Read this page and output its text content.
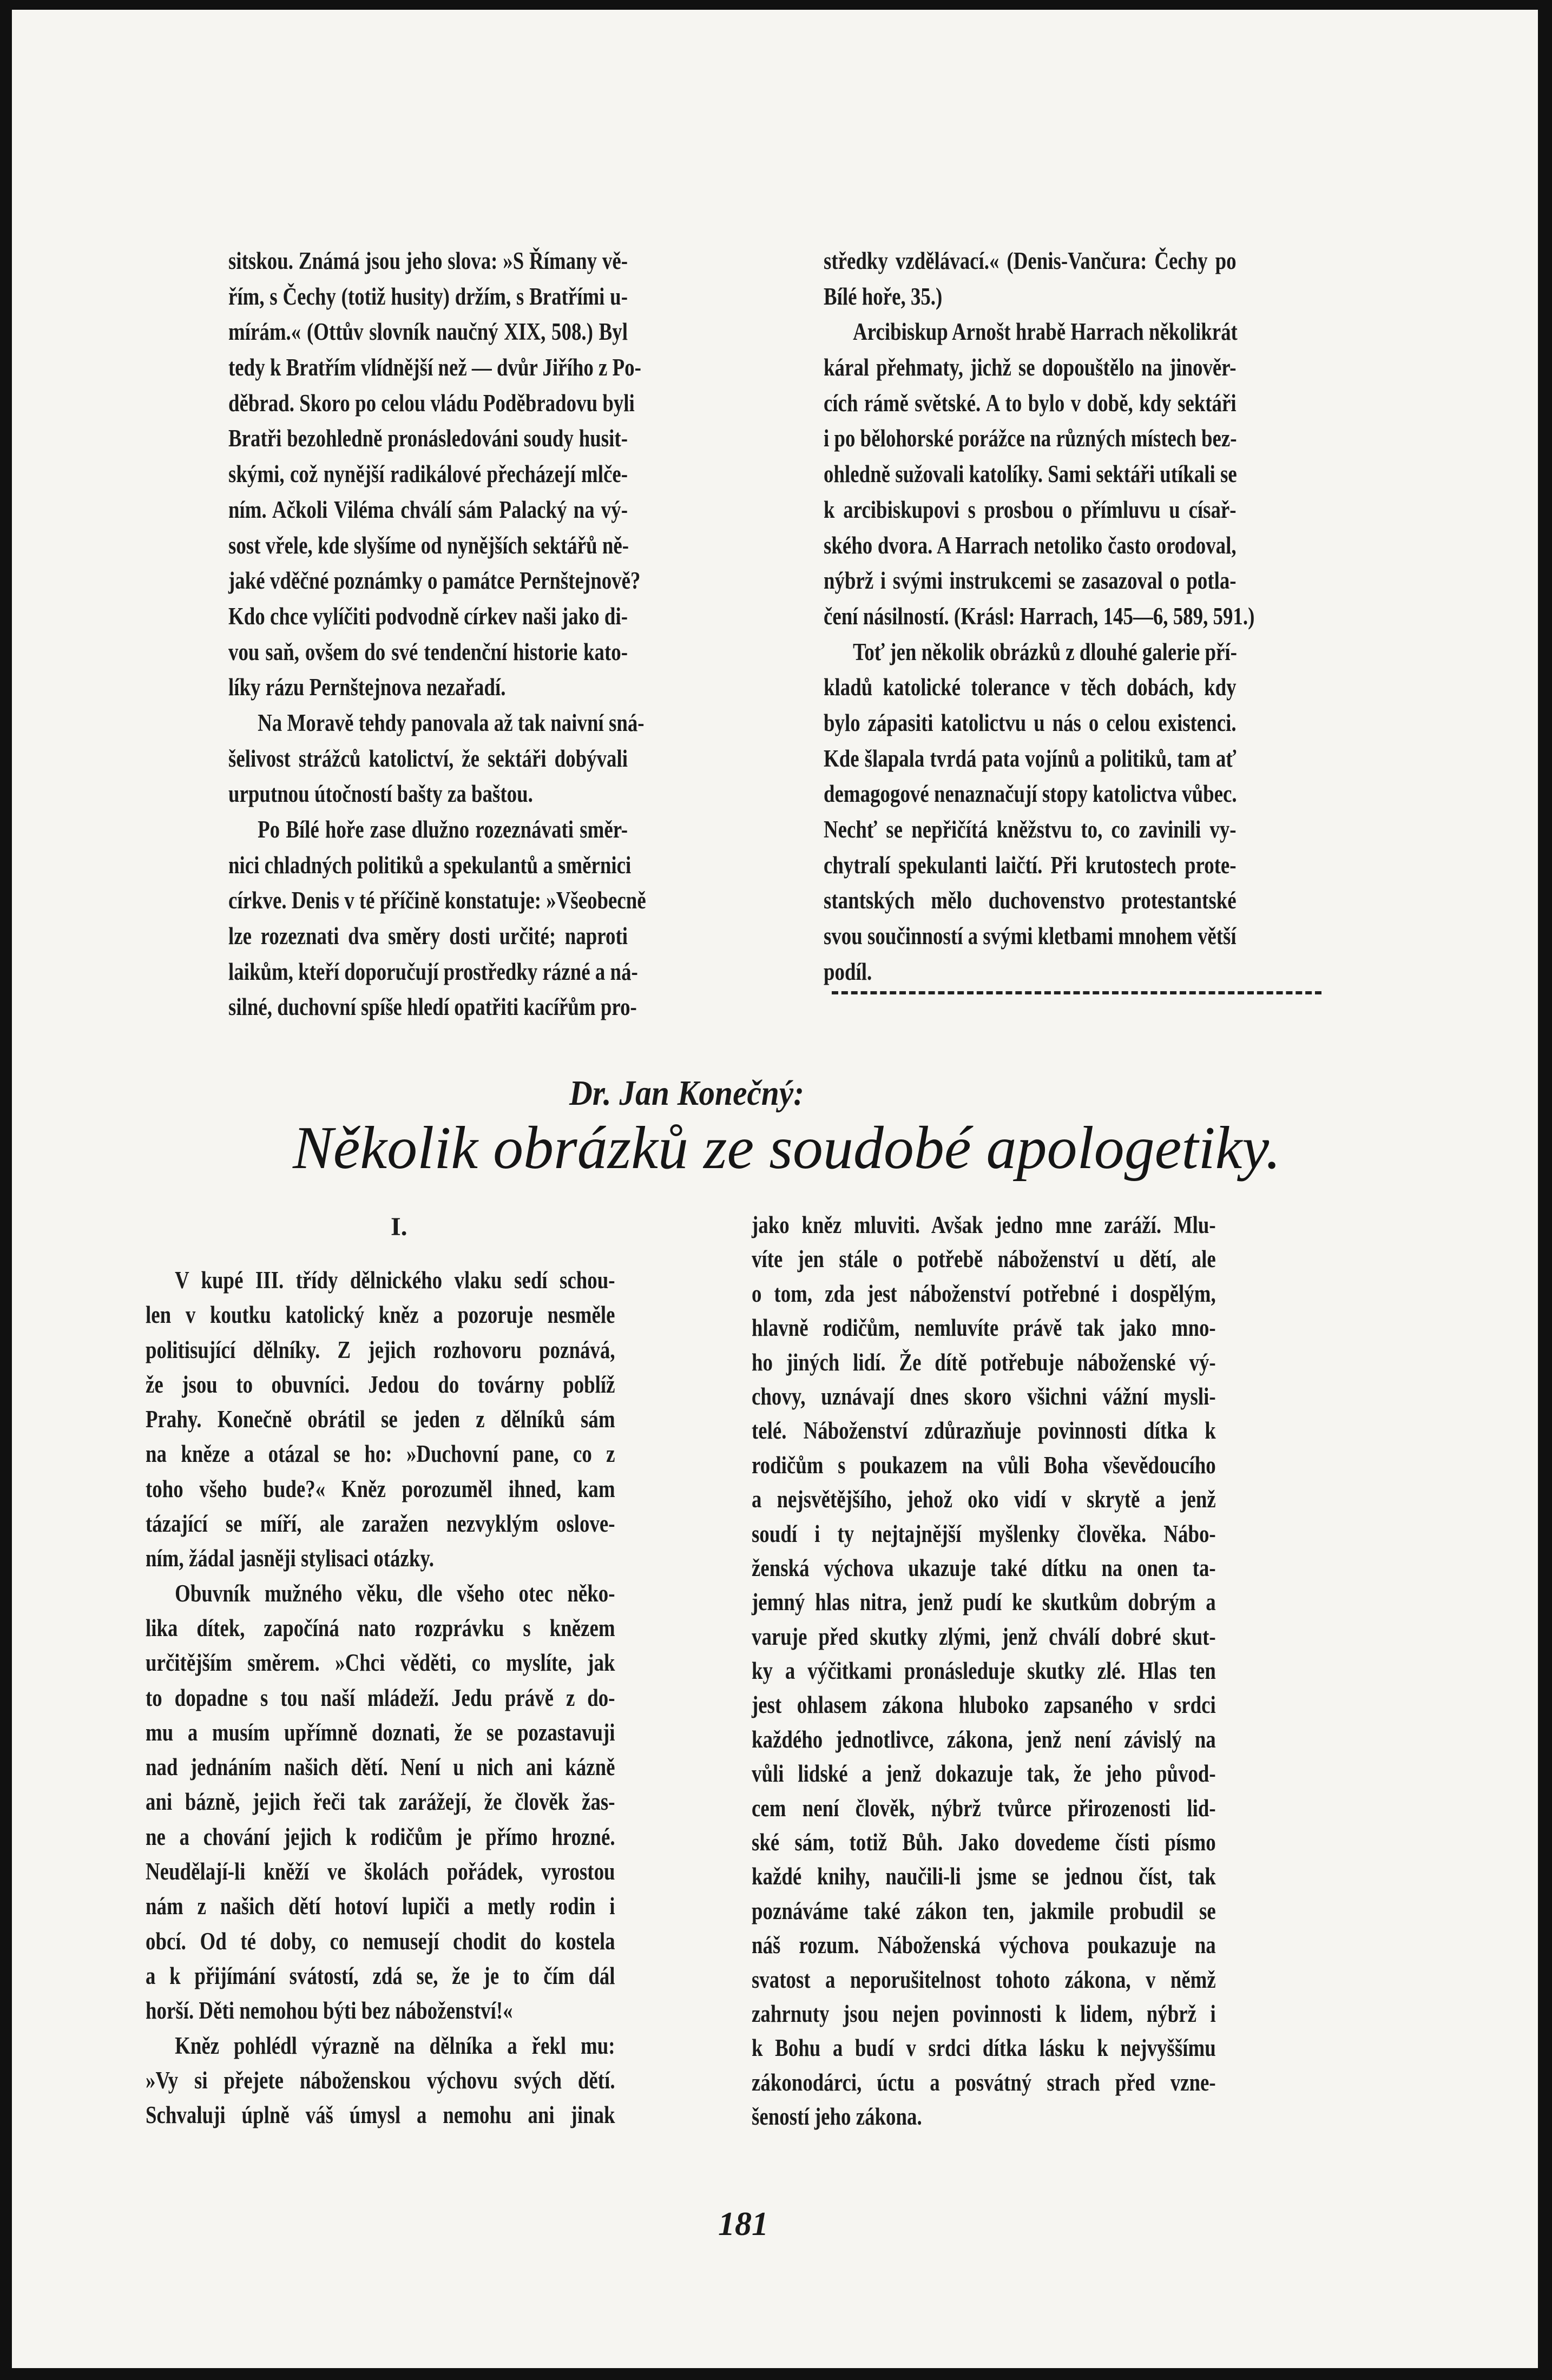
sitskou. Známá jsou jeho slova: »S Římany vě-
řím, s Čechy (totiž husity) držím, s Bratřími u-
mírám.« (Ottův slovník naučný XIX, 508.) Byl
tedy k Bratřím vlídnější než — dvůr Jiřího z Po-
děbrad. Skoro po celou vládu Poděbradovu byli
Bratři bezohledně pronásledováni soudy husit-
skými, což nynější radikálové přecházejí mlče-
ním. Ačkoli Viléma chválí sám Palacký na vý-
sost vřele, kde slyšíme od nynějších sektářů ně-
jaké vděčné poznámky o památce Pernštejnově?
Kdo chce vylíčiti podvodně církev naši jako di-
vou saň, ovšem do své tendenční historie kato-
líky rázu Pernštejnova nezařadí.
Na Moravě tehdy panovala až tak naivní sná-
šelivost strážců katolictví, že sektáři dobývali
urputnou útočností bašty za baštou.
Po Bílé hoře zase dlužno rozeznávati směr-
nici chladných politiků a spekulantů a směrnici
církve. Denis v té příčině konstatuje: »Všeobecně
lze rozeznati dva směry dosti určité; naproti
laikům, kteří doporučují prostředky rázné a ná-
silné, duchovní spíše hledí opatřiti kacířům pro-
středky vzdělávací.« (Denis-Vančura: Čechy po
Bílé hoře, 35.)
Arcibiskup Arnošt hrabě Harrach několikrát
káral přehmaty, jichž se dopouštělo na jinověr-
cích rámě světské. A to bylo v době, kdy sektáři
i po bělohorské porážce na různých místech bez-
ohledně sužovali katolíky. Sami sektáři utíkali se
k arcibiskupovi s prosbou o přímluvu u císař-
ského dvora. A Harrach netoliko často orodoval,
nýbrž i svými instrukcemi se zasazoval o potla-
čení násilností. (Krásl: Harrach, 145—6, 589, 591.)
Toť jen několik obrázků z dlouhé galerie pří-
kladů katolické tolerance v těch dobách, kdy
bylo zápasiti katolictvu u nás o celou existenci.
Kde šlapala tvrdá pata vojínů a politiků, tam ať
demagogové nenaznačují stopy katolictva vůbec.
Nechť se nepřičítá kněžstvu to, co zavinili vy-
chytralí spekulanti laičtí. Při krutostech prote-
stantských mělo duchovenstvo protestantské
svou součinností a svými kletbami mnohem větší
podíl.
Dr. Jan Konečný:
Několik obrázků ze soudobé apologetiky.
I.
V kupé III. třídy dělnického vlaku sedí schou-
len v koutku katolický kněz a pozoruje nesměle
politisující dělníky. Z jejich rozhovoru poznává,
že jsou to obuvníci. Jedou do továrny poblíž
Prahy. Konečně obrátil se jeden z dělníků sám
na kněze a otázal se ho: »Duchovní pane, co z
toho všeho bude?« Kněz porozuměl ihned, kam
tázající se míří, ale zaražen nezvyklým oslove-
ním, žádal jasněji stylisaci otázky.
Obuvník mužného věku, dle všeho otec něko-
lika dítek, započíná nato rozprávku s knězem
určitějším směrem. »Chci věděti, co myslíte, jak
to dopadne s tou naší mládeží. Jedu právě z do-
mu a musím upřímně doznati, že se pozastavuji
nad jednáním našich dětí. Není u nich ani kázně
ani bázně, jejich řeči tak zarážejí, že člověk žas-
ne a chování jejich k rodičům je přímo hrozné.
Neudělají-li kněží ve školách pořádek, vyrostou
nám z našich dětí hotoví lupiči a metly rodin i
obcí. Od té doby, co nemusejí chodit do kostela
a k přijímání svátostí, zdá se, že je to čím dál
horší. Děti nemohou býti bez náboženství!«
Kněz pohlédl výrazně na dělníka a řekl mu:
»Vy si přejete náboženskou výchovu svých dětí.
Schvaluji úplně váš úmysl a nemohu ani jinak
jako kněz mluviti. Avšak jedno mne zaráží. Mlu-
víte jen stále o potřebě náboženství u dětí, ale
o tom, zda jest náboženství potřebné i dospělým,
hlavně rodičům, nemluvíte právě tak jako mno-
ho jiných lidí. Že dítě potřebuje náboženské vý-
chovy, uznávají dnes skoro všichni vážní mysli-
telé. Náboženství zdůrazňuje povinnosti dítka k
rodičům s poukazem na vůli Boha vševědoucího
a nejsvětějšího, jehož oko vidí v skrytě a jenž
soudí i ty nejtajnější myšlenky člověka. Nábo-
ženská výchova ukazuje také dítku na onen ta-
jemný hlas nitra, jenž pudí ke skutkům dobrým a
varuje před skutky zlými, jenž chválí dobré skut-
ky a výčitkami pronásleduje skutky zlé. Hlas ten
jest ohlasem zákona hluboko zapsaného v srdci
každého jednotlivce, zákona, jenž není závislý na
vůli lidské a jenž dokazuje tak, že jeho původ-
cem není člověk, nýbrž tvůrce přirozenosti lid-
ské sám, totiž Bůh. Jako dovedeme čísti písmo
každé knihy, naučili-li jsme se jednou číst, tak
poznáváme také zákon ten, jakmile probudil se
náš rozum. Náboženská výchova poukazuje na
svatost a neporušitelnost tohoto zákona, v němž
zahrnuty jsou nejen povinnosti k lidem, nýbrž i
k Bohu a budí v srdci dítka lásku k nejvyššímu
zákonodárci, úctu a posvátný strach před vzne-
šeností jeho zákona.
181
